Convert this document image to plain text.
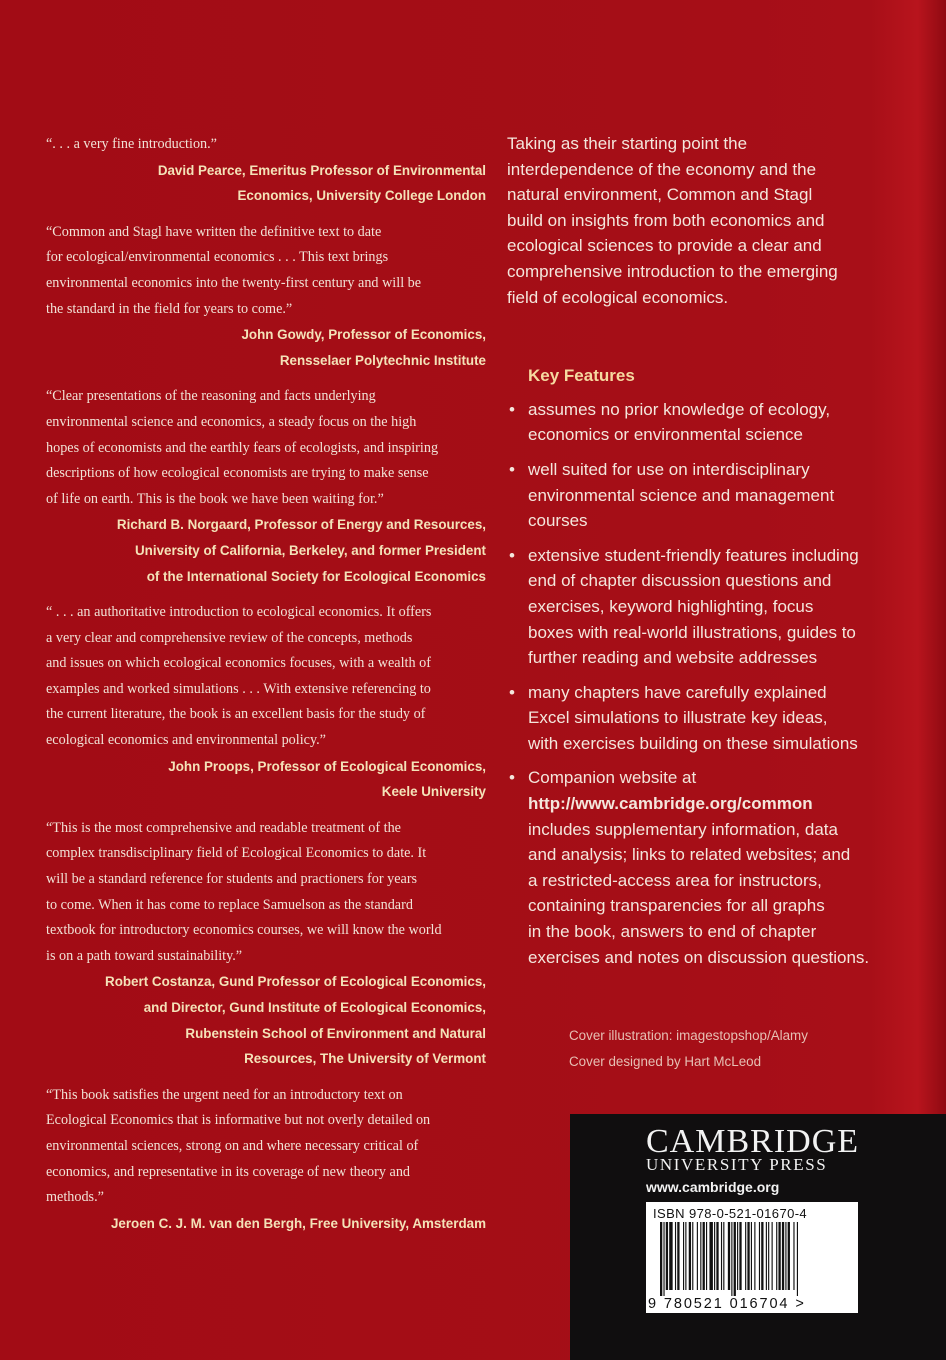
“. . . a very fine introduction.”
David Pearce, Emeritus Professor of Environmental
Economics, University College London
“Common and Stagl have written the definitive text to date
for ecological/environmental economics . . . This text brings
environmental economics into the twenty-first century and will be
the standard in the field for years to come.”
John Gowdy, Professor of Economics,
Rensselaer Polytechnic Institute
“Clear presentations of the reasoning and facts underlying
environmental science and economics, a steady focus on the high
hopes of economists and the earthly fears of ecologists, and inspiring
descriptions of how ecological economists are trying to make sense
of life on earth. This is the book we have been waiting for.”
Richard B. Norgaard, Professor of Energy and Resources,
University of California, Berkeley, and former President
of the International Society for Ecological Economics
“ . . . an authoritative introduction to ecological economics. It offers
a very clear and comprehensive review of the concepts, methods
and issues on which ecological economics focuses, with a wealth of
examples and worked simulations . . . With extensive referencing to
the current literature, the book is an excellent basis for the study of
ecological economics and environmental policy.”
John Proops, Professor of Ecological Economics,
Keele University
“This is the most comprehensive and readable treatment of the
complex transdisciplinary field of Ecological Economics to date. It
will be a standard reference for students and practioners for years
to come. When it has come to replace Samuelson as the standard
textbook for introductory economics courses, we will know the world
is on a path toward sustainability.”
Robert Costanza, Gund Professor of Ecological Economics,
and Director, Gund Institute of Ecological Economics,
Rubenstein School of Environment and Natural
Resources, The University of Vermont
“This book satisfies the urgent need for an introductory text on
Ecological Economics that is informative but not overly detailed on
environmental sciences, strong on and where necessary critical of
economics, and representative in its coverage of new theory and
methods.”
Jeroen C. J. M. van den Bergh, Free University, Amsterdam

Taking as their starting point the
interdependence of the economy and the
natural environment, Common and Stagl
build on insights from both economics and
ecological sciences to provide a clear and
comprehensive introduction to the emerging
field of ecological economics.

Key Features
• assumes no prior knowledge of ecology,
economics or environmental science
• well suited for use on interdisciplinary
environmental science and management
courses
• extensive student-friendly features including
end of chapter discussion questions and
exercises, keyword highlighting, focus
boxes with real-world illustrations, guides to
further reading and website addresses
• many chapters have carefully explained
Excel simulations to illustrate key ideas,
with exercises building on these simulations
• Companion website at
http://www.cambridge.org/common
includes supplementary information, data
and analysis; links to related websites; and
a restricted-access area for instructors,
containing transparencies for all graphs
in the book, answers to end of chapter
exercises and notes on discussion questions.
Cover illustration: imagestopshop/Alamy
Cover designed by Hart McLeod
CAMBRIDGE
UNIVERSITY PRESS
www.cambridge.org
ISBN 978-0-521-01670-4
9 780521 016704 >
